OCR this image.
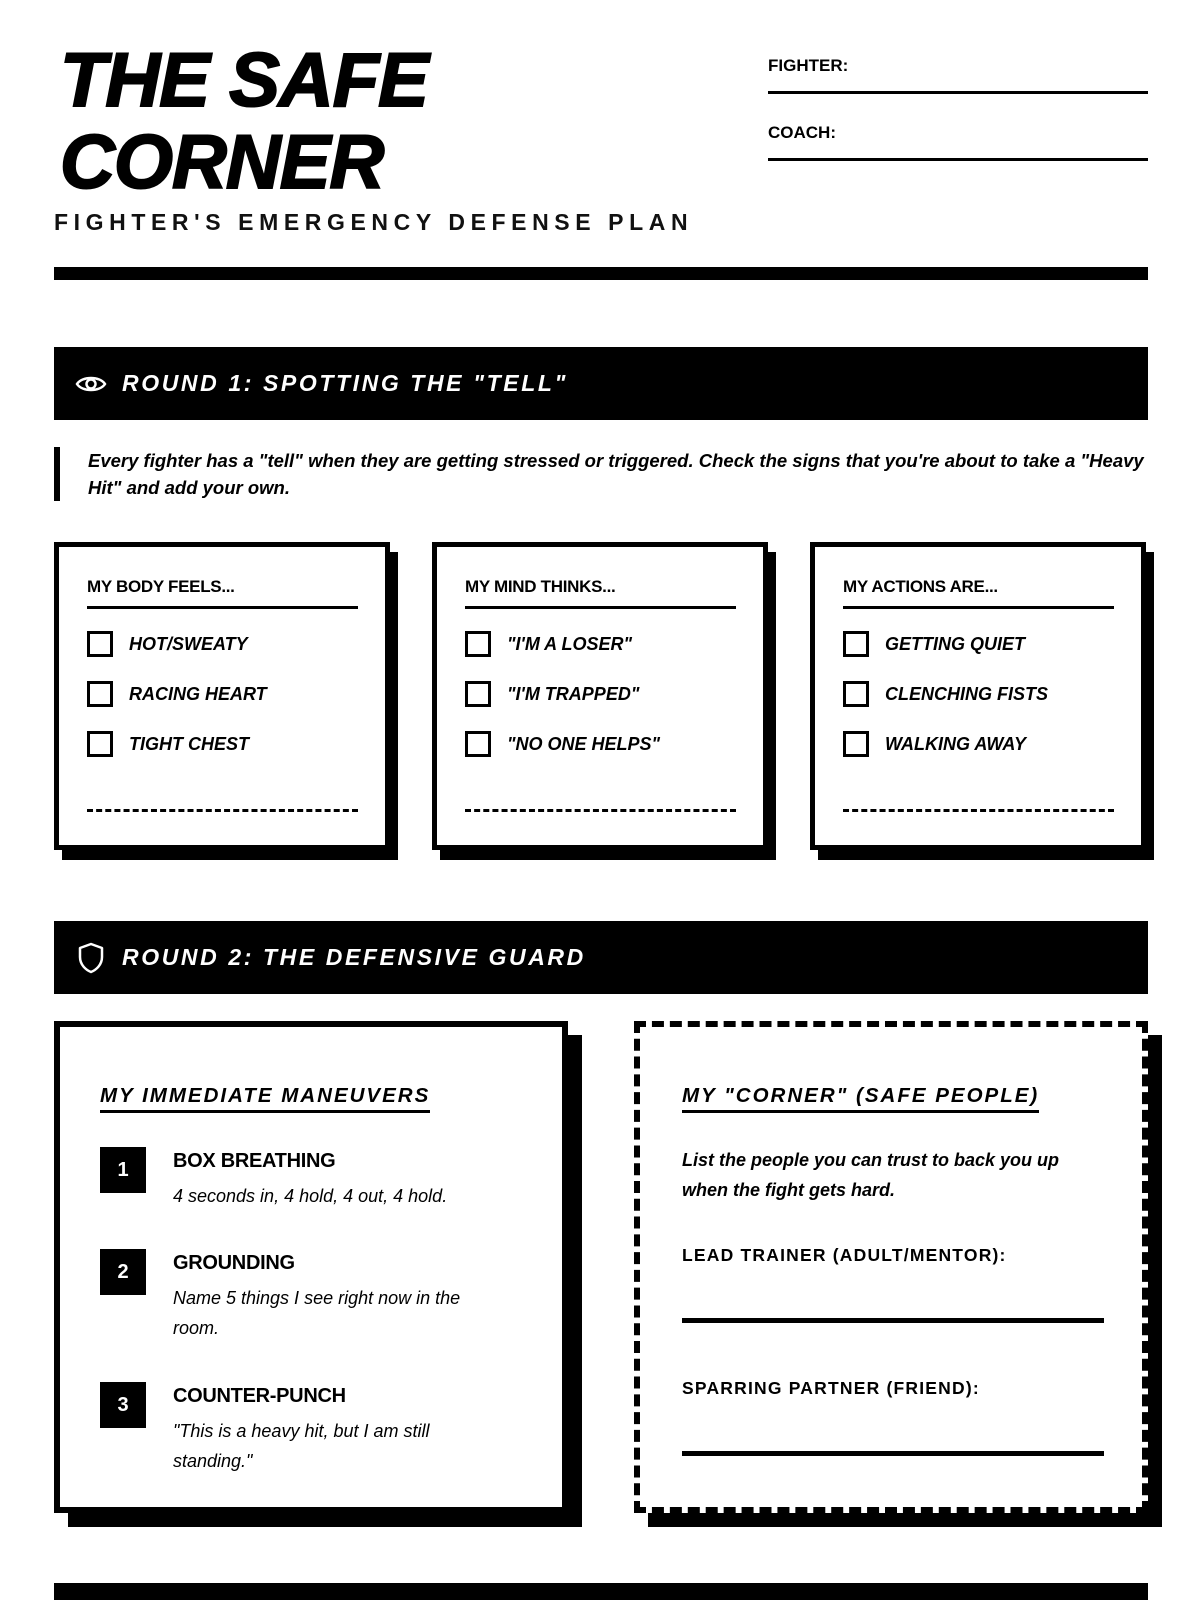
THE SAFE
CORNER
FIGHTER'S EMERGENCY DEFENSE PLAN
FIGHTER:
COACH:
ROUND 1: SPOTTING THE "TELL"
Every fighter has a "tell" when they are getting stressed or triggered. Check the signs that you're about to take a "Heavy Hit" and add your own.
MY BODY FEELS...
HOT/SWEATY
RACING HEART
TIGHT CHEST
MY MIND THINKS...
"I'M A LOSER"
"I'M TRAPPED"
"NO ONE HELPS"
MY ACTIONS ARE...
GETTING QUIET
CLENCHING FISTS
WALKING AWAY
ROUND 2: THE DEFENSIVE GUARD
MY IMMEDIATE MANEUVERS
1	BOX BREATHING
4 seconds in, 4 hold, 4 out, 4 hold.
2	GROUNDING
Name 5 things I see right now in the room.
3	COUNTER-PUNCH
"This is a heavy hit, but I am still standing."
MY "CORNER" (SAFE PEOPLE)
List the people you can trust to back you up when the fight gets hard.
LEAD TRAINER (ADULT/MENTOR):
SPARRING PARTNER (FRIEND):
